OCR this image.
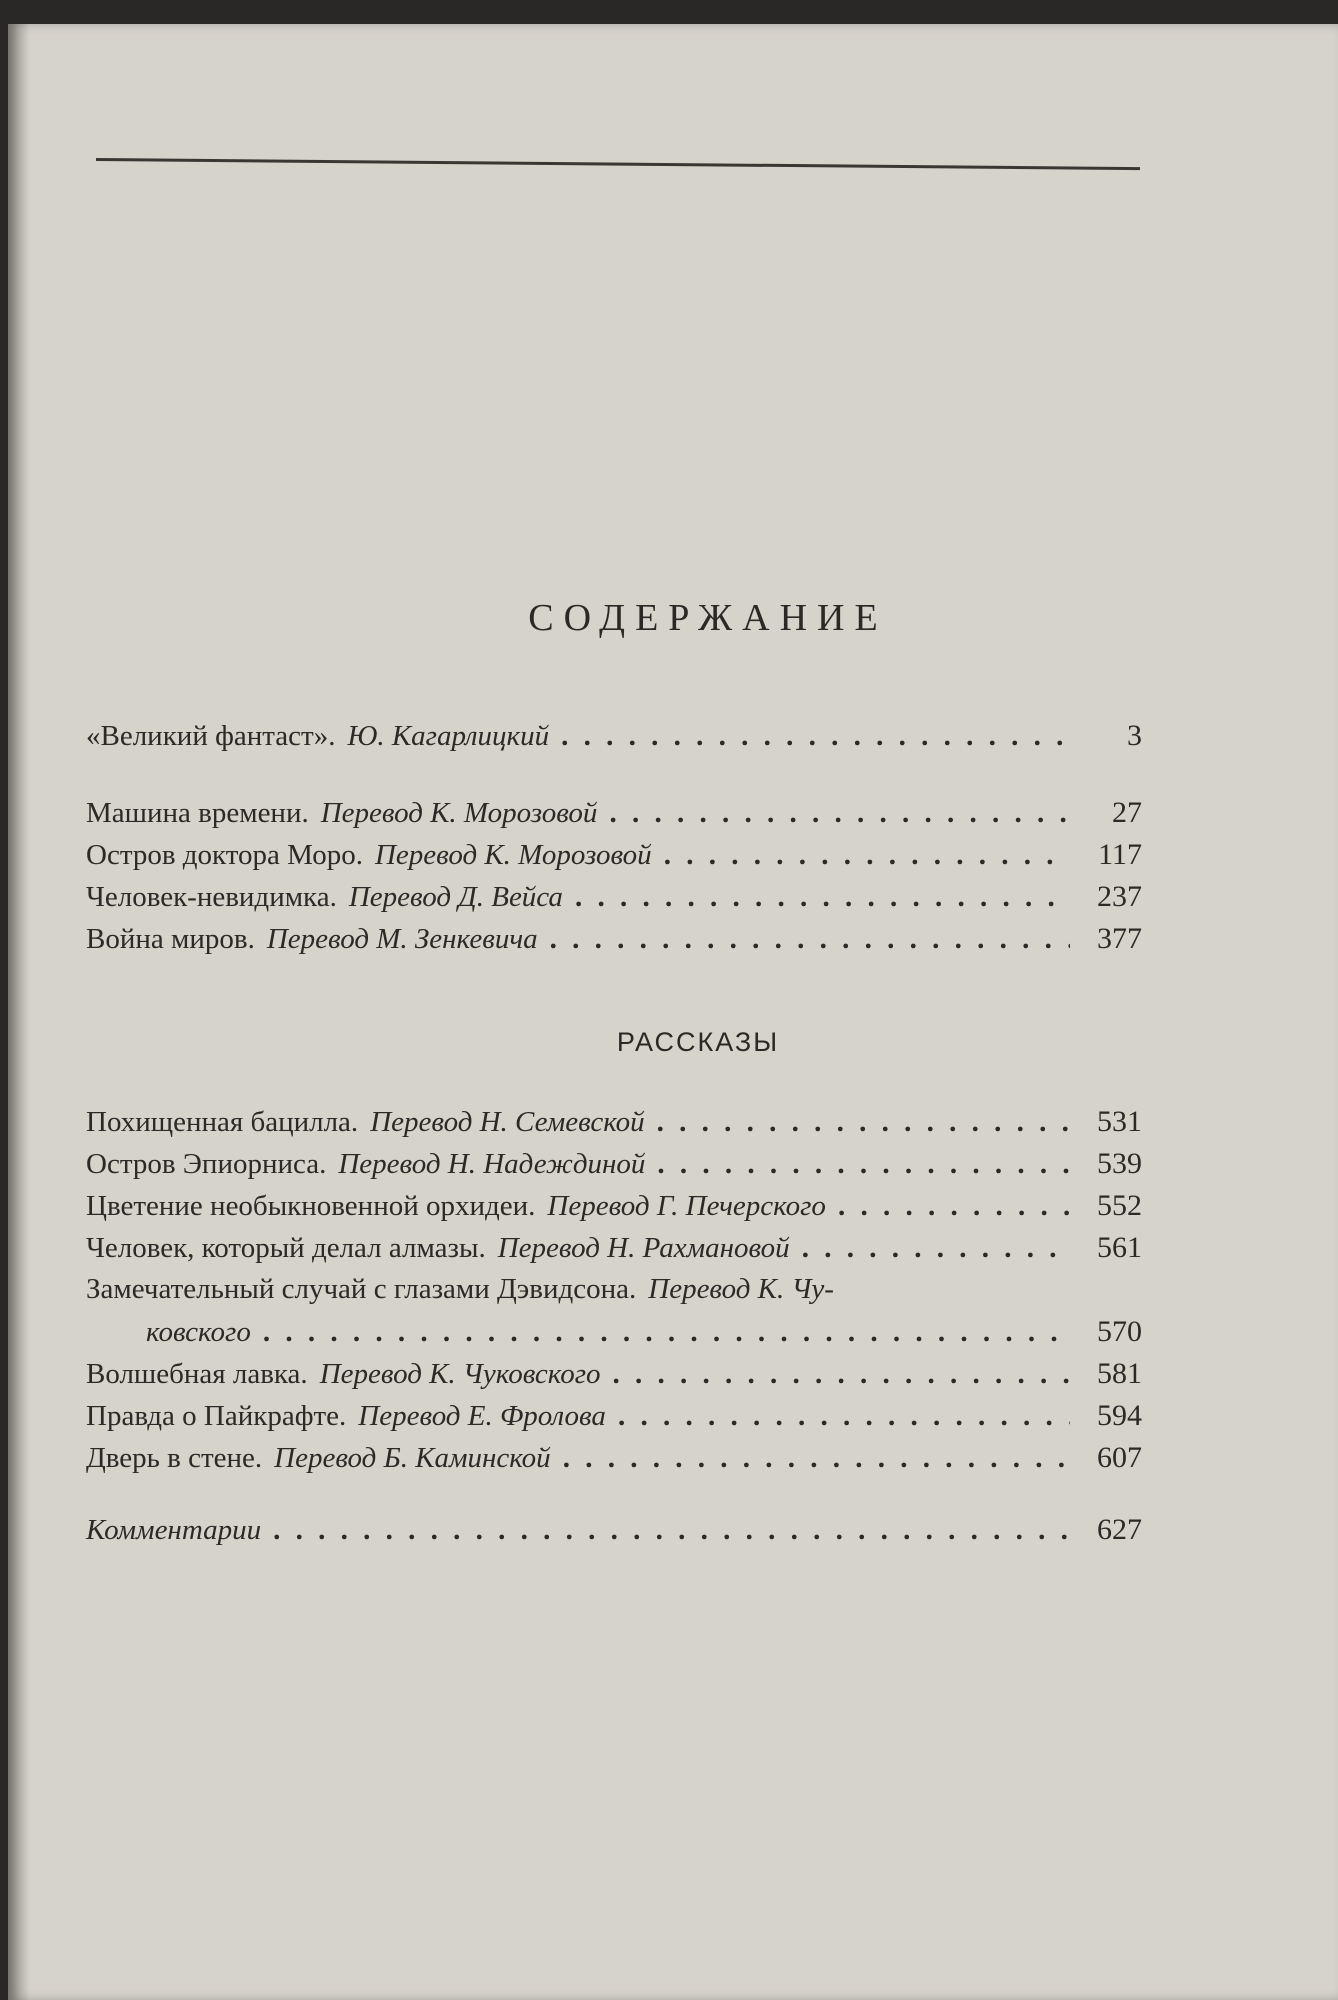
СОДЕРЖАНИЕ
«Великий фантаст». Ю. Кагарлицкий . . .	3
Машина времени. Перевод К. Морозовой . . .	27
Остров доктора Моро. Перевод К. Морозовой . . .	117
Человек-невидимка. Перевод Д. Вейса . . .	237
Война миров. Перевод М. Зенкевича . . .	377
РАССКАЗЫ
Похищенная бацилла. Перевод Н. Семевской . . .	531
Остров Эпиорниса. Перевод Н. Надеждиной . . .	539
Цветение необыкновенной орхидеи. Перевод Г. Печерского . . .	552
Человек, который делал алмазы. Перевод Н. Рахмановой . . .	561
Замечательный случай с глазами Дэвидсона. Перевод К. Чу-
ковского . . .	570
Волшебная лавка. Перевод К. Чуковского . . .	581
Правда о Пайкрафте. Перевод Е. Фролова . . .	594
Дверь в стене. Перевод Б. Каминской . . .	607
Комментарии . . .	627
